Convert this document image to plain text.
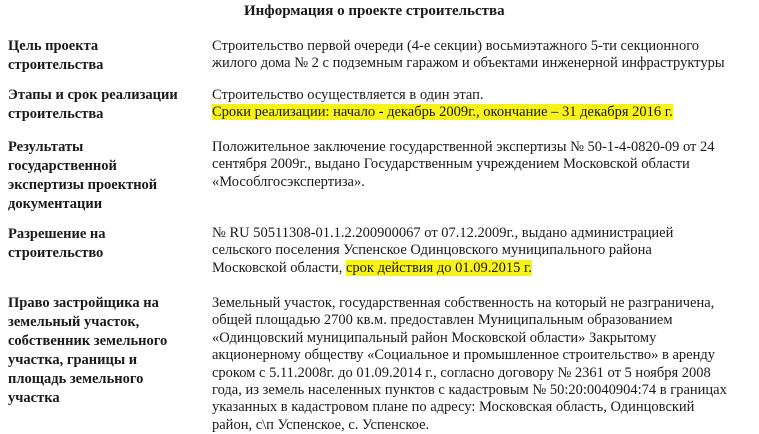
Информация о проекте строительства
Цель проекта
строительства
Строительство первой очереди (4-е секции) восьмиэтажного 5-ти секционного
жилого дома № 2 с подземным гаражом и объектами инженерной инфраструктуры
Этапы и срок реализации
строительства
Строительство осуществляется в один этап.
Сроки реализации: начало - декабрь 2009г., окончание – 31 декабря 2016 г.
Результаты
государственной
экспертизы проектной
документации
Положительное заключение государственной экспертизы № 50-1-4-0820-09 от 24
сентября 2009г., выдано Государственным учреждением Московской области
«Мособлгосэкспертиза».
Разрешение на
строительство
№ RU 50511308-01.1.2.200900067 от 07.12.2009г., выдано администрацией
сельского поселения Успенское Одинцовского муниципального района
Московской области, срок действия до 01.09.2015 г.
Право застройщика на
земельный участок,
собственник земельного
участка, границы и
площадь земельного
участка
Земельный участок, государственная собственность на который не разграничена,
общей площадью 2700 кв.м. предоставлен Муниципальным образованием
«Одинцовский муниципальный район Московской области» Закрытому
акционерному обществу «Социальное и промышленное строительство» в аренду
сроком с 5.11.2008г. до 01.09.2014 г., согласно договору № 2361 от 5 ноября 2008
года, из земель населенных пунктов с кадастровым № 50:20:0040904:74 в границах
указанных в кадастровом плане по адресу: Московская область, Одинцовский
район, с\п Успенское, с. Успенское.
